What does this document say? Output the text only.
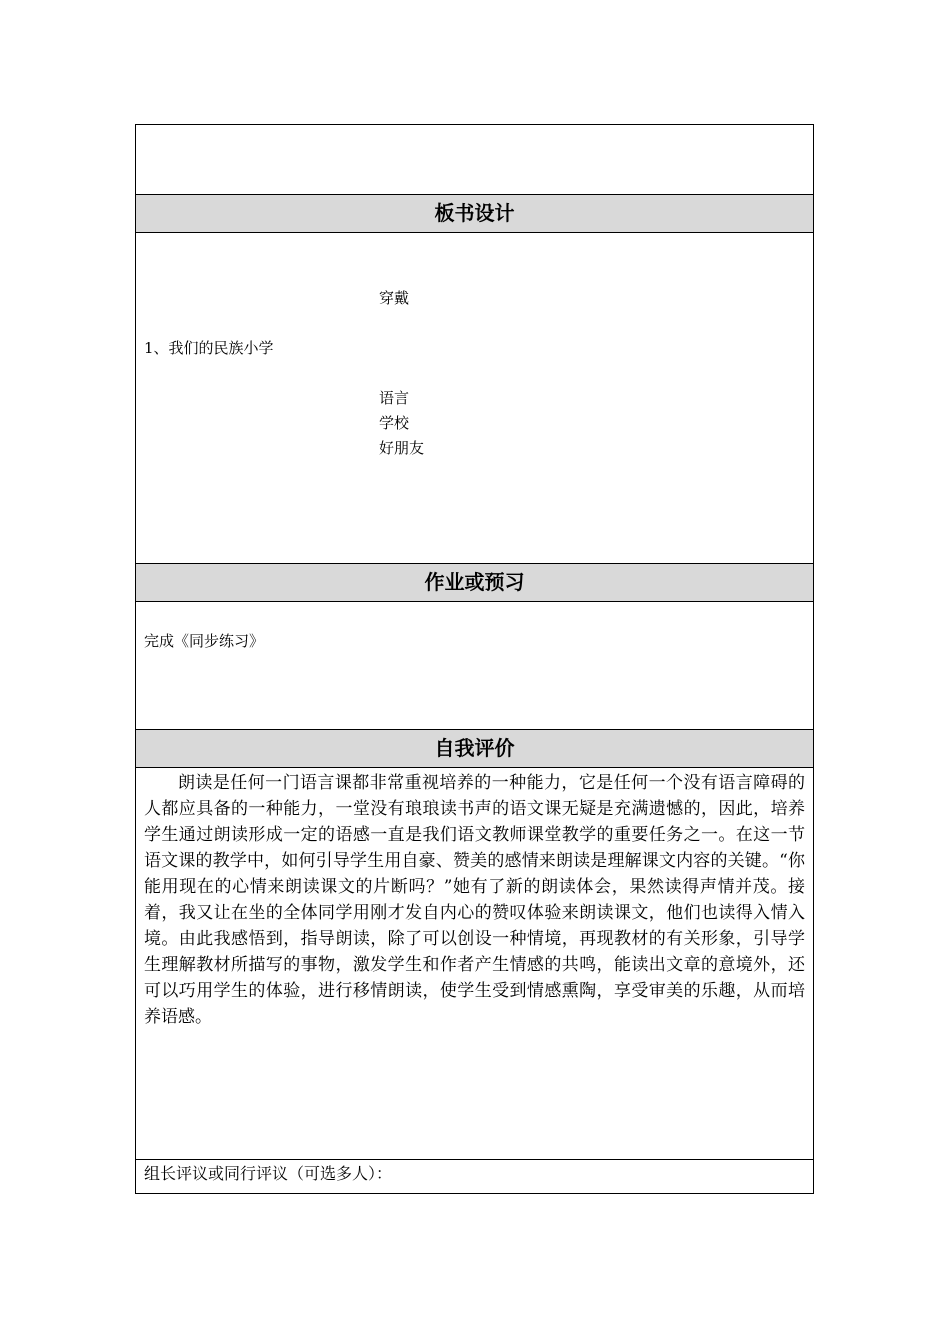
板书设计
穿戴
1、我们的民族小学
语言
学校
好朋友
作业或预习
完成《同步练习》
自我评价
朗读是任何一门语言课都非常重视培养的一种能力，它是任何一个没有语言障碍的人都应具备的一种能力，一堂没有琅琅读书声的语文课无疑是充满遗憾的，因此，培养学生通过朗读形成一定的语感一直是我们语文教师课堂教学的重要任务之一。在这一节语文课的教学中，如何引导学生用自豪、赞美的感情来朗读是理解课文内容的关键。“你能用现在的心情来朗读课文的片断吗？”她有了新的朗读体会，果然读得声情并茂。接着，我又让在坐的全体同学用刚才发自内心的赞叹体验来朗读课文，他们也读得入情入境。由此我感悟到，指导朗读，除了可以创设一种情境，再现教材的有关形象，引导学生理解教材所描写的事物，激发学生和作者产生情感的共鸣，能读出文章的意境外，还可以巧用学生的体验，进行移情朗读，使学生受到情感熏陶，享受审美的乐趣，从而培养语感。
组长评议或同行评议（可选多人）：
